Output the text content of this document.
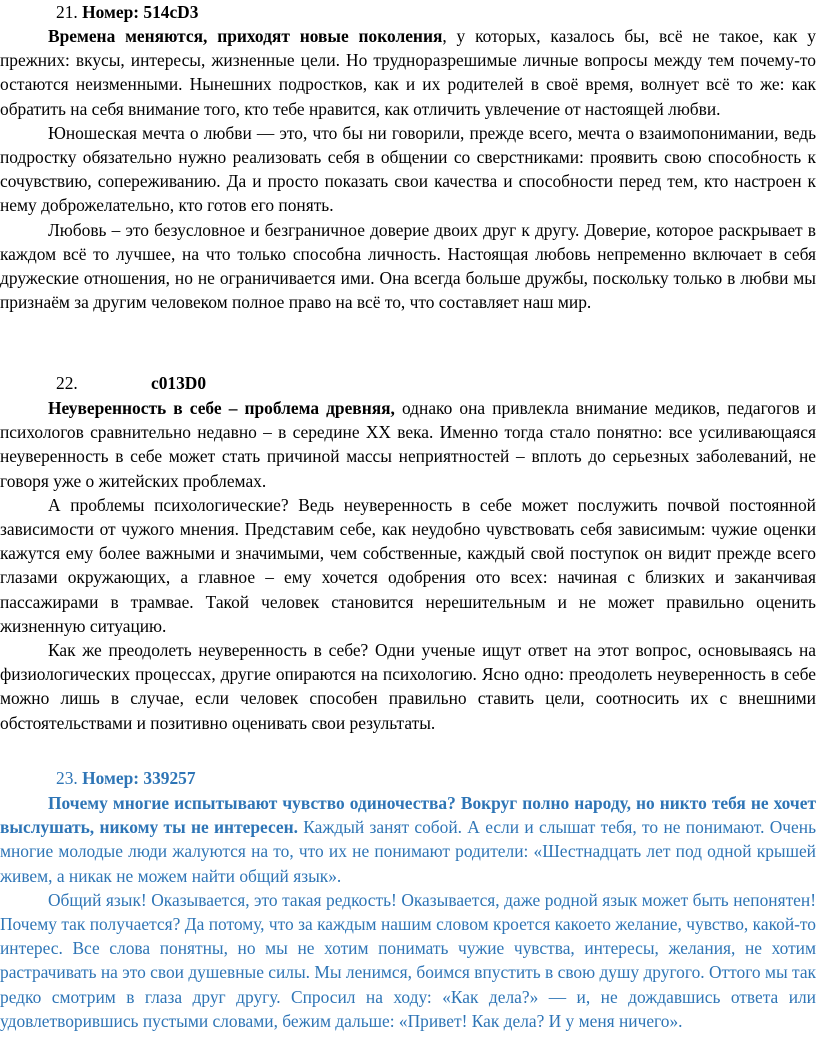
21. Номер: 514cD3

Времена меняются, приходят новые поколения, у которых, казалось бы, всё не такое, как у прежних: вкусы, интересы, жизненные цели. Но трудноразрешимые личные вопросы между тем почему-то остаются неизменными. Нынешних подростков, как и их родителей в своё время, волнует всё то же: как обратить на себя внимание того, кто тебе нравится, как отличить увлечение от настоящей любви.

Юношеская мечта о любви — это, что бы ни говорили, прежде всего, мечта о взаимопонимании, ведь подростку обязательно нужно реализовать себя в общении со сверстниками: проявить свою способность к сочувствию, сопереживанию. Да и просто показать свои качества и способности перед тем, кто настроен к нему доброжелательно, кто готов его понять.

Любовь – это безусловное и безграничное доверие двоих друг к другу. Доверие, которое раскрывает в каждом всё то лучшее, на что только способна личность. Настоящая любовь непременно включает в себя дружеские отношения, но не ограничивается ими. Она всегда больше дружбы, поскольку только в любви мы признаём за другим человеком полное право на всё то, что составляет наш мир.

22.	c013D0

Неуверенность в себе – проблема древняя, однако она привлекла внимание медиков, педагогов и психологов сравнительно недавно – в середине XX века. Именно тогда стало понятно: все усиливающаяся неуверенность в себе может стать причиной массы неприятностей – вплоть до серьезных заболеваний, не говоря уже о житейских проблемах.

А проблемы психологические? Ведь неуверенность в себе может послужить почвой постоянной зависимости от чужого мнения. Представим себе, как неудобно чувствовать себя зависимым: чужие оценки кажутся ему более важными и значимыми, чем собственные, каждый свой поступок он видит прежде всего глазами окружающих, а главное – ему хочется одобрения ото всех: начиная с близких и заканчивая пассажирами в трамвае. Такой человек становится нерешительным и не может правильно оценить жизненную ситуацию.

Как же преодолеть неуверенность в себе? Одни ученые ищут ответ на этот вопрос, основываясь на физиологических процессах, другие опираются на психологию. Ясно одно: преодолеть неуверенность в себе можно лишь в случае, если человек способен правильно ставить цели, соотносить их с внешними обстоятельствами и позитивно оценивать свои результаты.

23. Номер: 339257

Почему многие испытывают чувство одиночества? Вокруг полно народу, но никто тебя не хочет выслушать, никому ты не интересен. Каждый занят собой. А если и слышат тебя, то не понимают. Очень многие молодые люди жалуются на то, что их не понимают родители: «Шестнадцать лет под одной крышей живем, а никак не можем найти общий язык».

Общий язык! Оказывается, это такая редкость! Оказывается, даже родной язык может быть непонятен! Почему так получается? Да потому, что за каждым нашим словом кроется какоето желание, чувство, какой-то интерес. Все слова понятны, но мы не хотим понимать чужие чувства, интересы, желания, не хотим растрачивать на это свои душевные силы. Мы ленимся, боимся впустить в свою душу другого. Оттого мы так редко смотрим в глаза друг другу. Спросил на ходу: «Как дела?» — и, не дождавшись ответа или удовлетворившись пустыми словами, бежим дальше: «Привет! Как дела? И у меня ничего».
